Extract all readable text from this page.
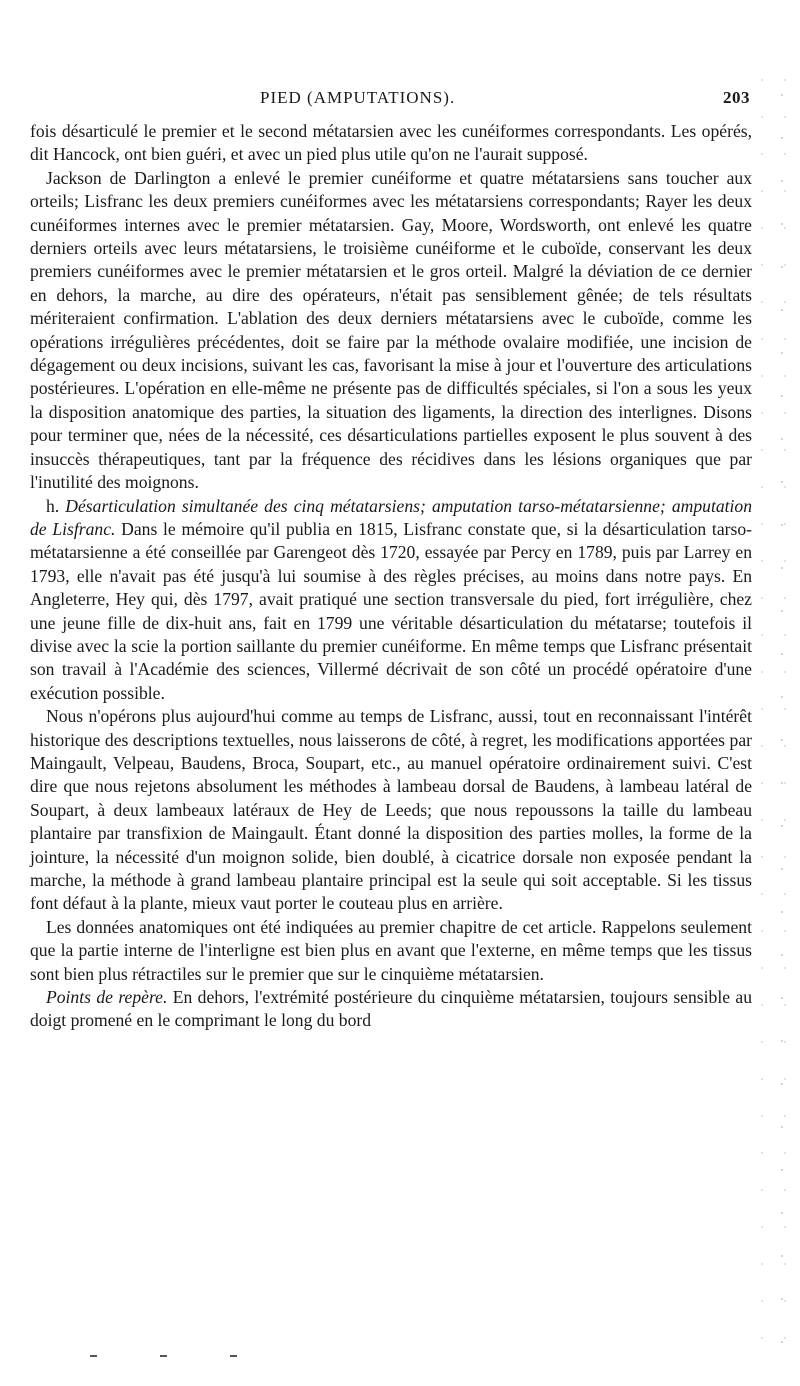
PIED (AMPUTATIONS).	203

fois désarticulé le premier et le second métatarsien avec les cunéiformes correspondants. Les opérés, dit Hancock, ont bien guéri, et avec un pied plus utile qu'on ne l'aurait supposé.

Jackson de Darlington a enlevé le premier cunéiforme et quatre métatarsiens sans toucher aux orteils; Lisfranc les deux premiers cunéiformes avec les métatarsiens correspondants; Rayer les deux cunéiformes internes avec le premier métatarsien. Gay, Moore, Wordsworth, ont enlevé les quatre derniers orteils avec leurs métatarsiens, le troisième cunéiforme et le cuboïde, conservant les deux premiers cunéiformes avec le premier métatarsien et le gros orteil. Malgré la déviation de ce dernier en dehors, la marche, au dire des opérateurs, n'était pas sensiblement gênée; de tels résultats mériteraient confirmation. L'ablation des deux derniers métatarsiens avec le cuboïde, comme les opérations irrégulières précédentes, doit se faire par la méthode ovalaire modifiée, une incision de dégagement ou deux incisions, suivant les cas, favorisant la mise à jour et l'ouverture des articulations postérieures. L'opération en elle-même ne présente pas de difficultés spéciales, si l'on a sous les yeux la disposition anatomique des parties, la situation des ligaments, la direction des interlignes. Disons pour terminer que, nées de la nécessité, ces désarticulations partielles exposent le plus souvent à des insuccès thérapeutiques, tant par la fréquence des récidives dans les lésions organiques que par l'inutilité des moignons.

h. Désarticulation simultanée des cinq métatarsiens; amputation tarso-métatarsienne; amputation de Lisfranc. Dans le mémoire qu'il publia en 1815, Lisfranc constate que, si la désarticulation tarso-métatarsienne a été conseillée par Garengeot dès 1720, essayée par Percy en 1789, puis par Larrey en 1793, elle n'avait pas été jusqu'à lui soumise à des règles précises, au moins dans notre pays. En Angleterre, Hey qui, dès 1797, avait pratiqué une section transversale du pied, fort irrégulière, chez une jeune fille de dix-huit ans, fait en 1799 une véritable désarticulation du métatarse; toutefois il divise avec la scie la portion saillante du premier cunéiforme. En même temps que Lisfranc présentait son travail à l'Académie des sciences, Villermé décrivait de son côté un procédé opératoire d'une exécution possible.

Nous n'opérons plus aujourd'hui comme au temps de Lisfranc, aussi, tout en reconnaissant l'intérêt historique des descriptions textuelles, nous laisserons de côté, à regret, les modifications apportées par Maingault, Velpeau, Baudens, Broca, Soupart, etc., au manuel opératoire ordinairement suivi. C'est dire que nous rejetons absolument les méthodes à lambeau dorsal de Baudens, à lambeau latéral de Soupart, à deux lambeaux latéraux de Hey de Leeds; que nous repoussons la taille du lambeau plantaire par transfixion de Maingault. Étant donné la disposition des parties molles, la forme de la jointure, la nécessité d'un moignon solide, bien doublé, à cicatrice dorsale non exposée pendant la marche, la méthode à grand lambeau plantaire principal est la seule qui soit acceptable. Si les tissus font défaut à la plante, mieux vaut porter le couteau plus en arrière.

Les données anatomiques ont été indiquées au premier chapitre de cet article. Rappelons seulement que la partie interne de l'interligne est bien plus en avant que l'externe, en même temps que les tissus sont bien plus rétractiles sur le premier que sur le cinquième métatarsien.

Points de repère. En dehors, l'extrémité postérieure du cinquième métatarsien, toujours sensible au doigt promené en le comprimant le long du bord
